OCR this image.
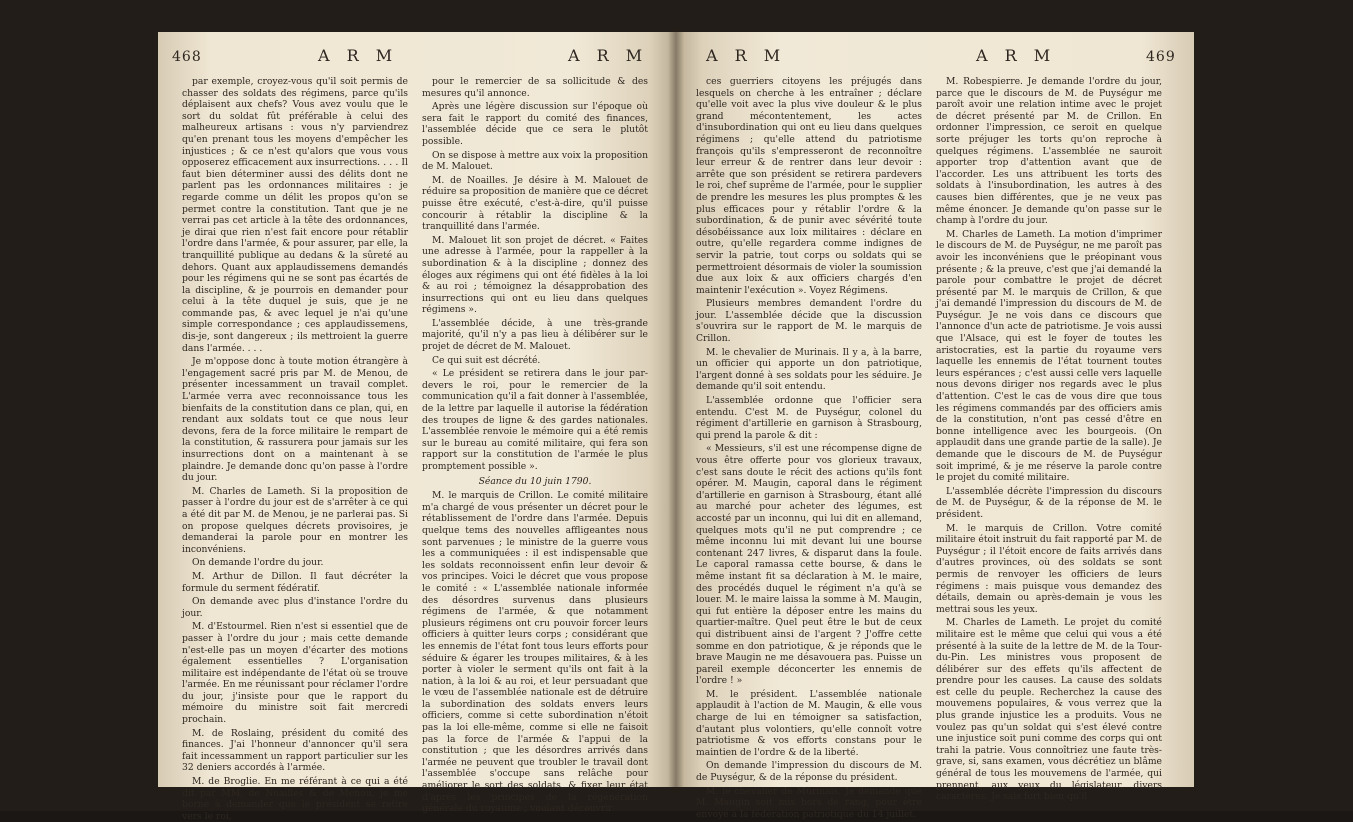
468	A R M	A R M

par exemple, croyez-vous qu'il soit permis de chasser des soldats des régimens, parce qu'ils déplaisent aux chefs? Vous avez voulu que le sort du soldat fût préférable à celui des malheureux artisans : vous n'y parviendrez qu'en prenant tous les moyens d'empêcher les injustices ; & ce n'est qu'alors que vous vous opposerez efficacement aux insurrections. . . . Il faut bien déterminer aussi des délits dont ne parlent pas les ordonnances militaires : je regarde comme un délit les propos qu'on se permet contre la constitution. Tant que je ne verrai pas cet article à la tête des ordonnances, je dirai que rien n'est fait encore pour rétablir l'ordre dans l'armée, & pour assurer, par elle, la tranquillité publique au dedans & la sûreté au dehors. Quant aux applaudissemens demandés pour les régimens qui ne se sont pas écartés de la discipline, & je pourrois en demander pour celui à la tête duquel je suis, que je ne commande pas, & avec lequel je n'ai qu'une simple correspondance ; ces applaudissemens, dis-je, sont dangereux ; ils mettroient la guerre dans l'armée. . . .

Je m'oppose donc à toute motion étrangère à l'engagement sacré pris par M. de Menou, de présenter incessamment un travail complet. L'armée verra avec reconnoissance tous les bienfaits de la constitution dans ce plan, qui, en rendant aux soldats tout ce que nous leur devons, fera de la force militaire le rempart de la constitution, & rassurera pour jamais sur les insurrections dont on a maintenant à se plaindre. Je demande donc qu'on passe à l'ordre du jour.

M. Charles de Lameth. Si la proposition de passer à l'ordre du jour est de s'arrêter à ce qui a été dit par M. de Menou, je ne parlerai pas. Si on propose quelques décrets provisoires, je demanderai la parole pour en montrer les inconvéniens.

On demande l'ordre du jour.

M. Arthur de Dillon. Il faut décréter la formule du serment fédératif.

On demande avec plus d'instance l'ordre du jour.

M. d'Estourmel. Rien n'est si essentiel que de passer à l'ordre du jour ; mais cette demande n'est-elle pas un moyen d'écarter des motions également essentielles ? L'organisation militaire est indépendante de l'état où se trouve l'armée. En me réunissant pour réclamer l'ordre du jour, j'insiste pour que le rapport du mémoire du ministre soit fait mercredi prochain.

M. de Roslaing, président du comité des finances. J'ai l'honneur d'annoncer qu'il sera fait incessamment un rapport particulier sur les 32 deniers accordés à l'armée.

M. de Broglie. En me référant à ce qui a été dit par MM. de Noailles & de Menou, je me borne à demander que le président se retire vers le roi,

pour le remercier de sa sollicitude & des mesures qu'il annonce.

Après une légère discussion sur l'époque où sera fait le rapport du comité des finances, l'assemblée décide que ce sera le plutôt possible.

On se dispose à mettre aux voix la proposition de M. Malouet.

M. de Noailles. Je désire à M. Malouet de réduire sa proposition de manière que ce décret puisse être exécuté, c'est-à-dire, qu'il puisse concourir à rétablir la discipline & la tranquillité dans l'armée.

M. Malouet lit son projet de décret. « Faites une adresse à l'armée, pour la rappeller à la subordination & à la discipline ; donnez des éloges aux régimens qui ont été fidèles à la loi & au roi ; témoignez la désapprobation des insurrections qui ont eu lieu dans quelques régimens ».

L'assemblée décide, à une très-grande majorité, qu'il n'y a pas lieu à délibérer sur le projet de décret de M. Malouet.

Ce qui suit est décrété.

« Le président se retirera dans le jour par-devers le roi, pour le remercier de la communication qu'il a fait donner à l'assemblée, de la lettre par laquelle il autorise la fédération des troupes de ligne & des gardes nationales. L'assemblée renvoie le mémoire qui a été remis sur le bureau au comité militaire, qui fera son rapport sur la constitution de l'armée le plus promptement possible ».

Séance du 10 juin 1790.

M. le marquis de Crillon. Le comité militaire m'a chargé de vous présenter un décret pour le rétablissement de l'ordre dans l'armée. Depuis quelque tems des nouvelles affligeantes nous sont parvenues ; le ministre de la guerre vous les a communiquées : il est indispensable que les soldats reconnoissent enfin leur devoir & vos principes. Voici le décret que vous propose le comité : « L'assemblée nationale informée des désordres survenus dans plusieurs régimens de l'armée, & que notamment plusieurs régimens ont cru pouvoir forcer leurs officiers à quitter leurs corps ; considérant que les ennemis de l'état font tous leurs efforts pour séduire & égarer les troupes militaires, & à les porter à violer le serment qu'ils ont fait à la nation, à la loi & au roi, et leur persuadant que le vœu de l'assemblée nationale est de détruire la subordination des soldats envers leurs officiers, comme si cette subordination n'étoit pas la loi elle-même, comme si elle ne faisoit pas la force de l'armée & l'appui de la constitution ; que les désordres arrivés dans l'armée ne peuvent que troubler le travail dont l'assemblée s'occupe sans relâche pour améliorer le sort des soldats, & fixer leur état d'après les principes de la régénération générale du royaume ; voulant découvrir

A R M	A R M	469

ces guerriers citoyens les préjugés dans lesquels on cherche à les entraîner ; déclare qu'elle voit avec la plus vive douleur & le plus grand mécontentement, les actes d'insubordination qui ont eu lieu dans quelques régimens ; qu'elle attend du patriotisme françois qu'ils s'empresseront de reconnoître leur erreur & de rentrer dans leur devoir : arrête que son président se retirera pardevers le roi, chef suprême de l'armée, pour le supplier de prendre les mesures les plus promptes & les plus efficaces pour y rétablir l'ordre & la subordination, & de punir avec sévérité toute désobéissance aux loix militaires : déclare en outre, qu'elle regardera comme indignes de servir la patrie, tout corps ou soldats qui se permettroient désormais de violer la soumission due aux loix & aux officiers chargés d'en maintenir l'exécution ». Voyez Régimens.

Plusieurs membres demandent l'ordre du jour. L'assemblée décide que la discussion s'ouvrira sur le rapport de M. le marquis de Crillon.

M. le chevalier de Murinais. Il y a, à la barre, un officier qui apporte un don patriotique, l'argent donné à ses soldats pour les séduire. Je demande qu'il soit entendu.

L'assemblée ordonne que l'officier sera entendu. C'est M. de Puységur, colonel du régiment d'artillerie en garnison à Strasbourg, qui prend la parole & dit :

« Messieurs, s'il est une récompense digne de vous être offerte pour vos glorieux travaux, c'est sans doute le récit des actions qu'ils font opérer. M. Maugin, caporal dans le régiment d'artillerie en garnison à Strasbourg, étant allé au marché pour acheter des légumes, est accosté par un inconnu, qui lui dit en allemand, quelques mots qu'il ne put comprendre ; ce même inconnu lui mit devant lui une bourse contenant 247 livres, & disparut dans la foule. Le caporal ramassa cette bourse, & dans le même instant fit sa déclaration à M. le maire, des procédés duquel le régiment n'a qu'à se louer. M. le maire laissa la somme à M. Maugin, qui fut entière la déposer entre les mains du quartier-maître. Quel peut être le but de ceux qui distribuent ainsi de l'argent ? J'offre cette somme en don patriotique, & je réponds que le brave Maugin ne me désavouera pas. Puisse un pareil exemple déconcerter les ennemis de l'ordre ! »

M. le président. L'assemblée nationale applaudit à l'action de M. Maugin, & elle vous charge de lui en témoigner sa satisfaction, d'autant plus volontiers, qu'elle connoît votre patriotisme & vos efforts constans pour le maintien de l'ordre & de la liberté.

On demande l'impression du discours de M. de Puységur, & de la réponse du président.

M. le chevalier de Murinais. Je demande que M. Maugin soit mis hors de rang, pour être envoyé à la fédération patriotique du 14 juillet.

M. Robespierre. Je demande l'ordre du jour, parce que le discours de M. de Puységur me paroît avoir une relation intime avec le projet de décret présenté par M. de Crillon. En ordonner l'impression, ce seroit en quelque sorte préjuger les torts qu'on reproche à quelques régimens. L'assemblée ne sauroit apporter trop d'attention avant que de l'accorder. Les uns attribuent les torts des soldats à l'insubordination, les autres à des causes bien différentes, que je ne veux pas même énoncer. Je demande qu'on passe sur le champ à l'ordre du jour.

M. Charles de Lameth. La motion d'imprimer le discours de M. de Puységur, ne me paroît pas avoir les inconvéniens que le préopinant vous présente ; & la preuve, c'est que j'ai demandé la parole pour combattre le projet de décret présenté par M. le marquis de Crillon, & que j'ai demandé l'impression du discours de M. de Puységur. Je ne vois dans ce discours que l'annonce d'un acte de patriotisme. Je vois aussi que l'Alsace, qui est le foyer de toutes les aristocraties, est la partie du royaume vers laquelle les ennemis de l'état tournent toutes leurs espérances ; c'est aussi celle vers laquelle nous devons diriger nos regards avec le plus d'attention. C'est le cas de vous dire que tous les régimens commandés par des officiers amis de la constitution, n'ont pas cessé d'être en bonne intelligence avec les bourgeois. (On applaudit dans une grande partie de la salle). Je demande que le discours de M. de Puységur soit imprimé, & je me réserve la parole contre le projet du comité militaire.

L'assemblée décrète l'impression du discours de M. de Puységur, & de la réponse de M. le président.

M. le marquis de Crillon. Votre comité militaire étoit instruit du fait rapporté par M. de Puységur ; il l'étoit encore de faits arrivés dans d'autres provinces, où des soldats se sont permis de renvoyer les officiers de leurs régimens : mais puisque vous demandez des détails, demain ou après-demain je vous les mettrai sous les yeux.

M. Charles de Lameth. Le projet du comité militaire est le même que celui qui vous a été présenté à la suite de la lettre de M. de la Tour-du-Pin. Les ministres vous proposent de délibérer sur des effets qu'ils affectent de prendre pour les causes. La cause des soldats est celle du peuple. Recherchez la cause des mouvemens populaires, & vous verrez que la plus grande injustice les a produits. Vous ne voulez pas qu'un soldat qui s'est élevé contre une injustice soit puni comme des corps qui ont trahi la patrie. Vous connoîtriez une faute très-grave, si, sans examen, vous décrétiez un blâme général de tous les mouvemens de l'armée, qui prennent, aux yeux du législateur, divers caractères. Je sais fort bien qu'il
